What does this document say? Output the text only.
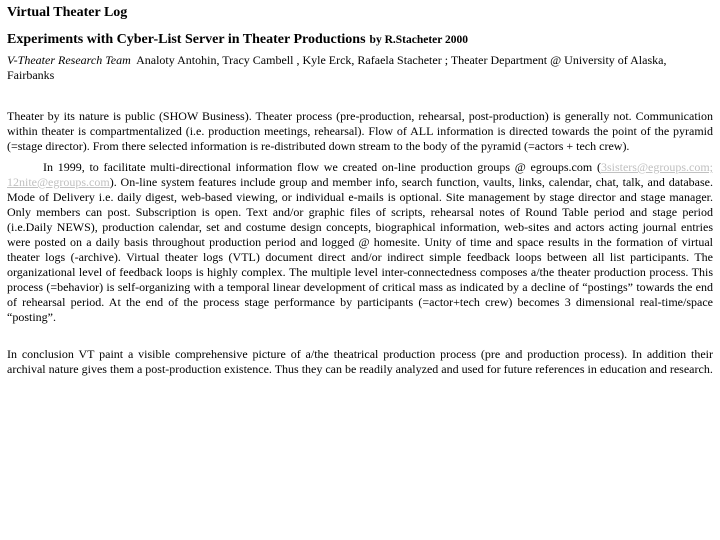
Virtual Theater Log
Experiments with Cyber-List Server in Theater Productions by R.Stacheter 2000
V-Theater Research Team Analoty Antohin, Tracy Cambell , Kyle Erck, Rafaela Stacheter ; Theater Department @ University of Alaska, Fairbanks

Theater by its nature is public (SHOW Business). Theater process (pre-production, rehearsal, post-production) is generally not. Communication within theater is compartmentalized (i.e. production meetings, rehearsal). Flow of ALL information is directed towards the point of the pyramid (=stage director). From there selected information is re-distributed down stream to the body of the pyramid (=actors + tech crew).

In 1999, to facilitate multi-directional information flow we created on-line production groups @ egroups.com (3sisters@egroups.com; 12nite@egroups.com). On-line system features include group and member info, search function, vaults, links, calendar, chat, talk, and database. Mode of Delivery i.e. daily digest, web-based viewing, or individual e-mails is optional. Site management by stage director and stage manager. Only members can post. Subscription is open. Text and/or graphic files of scripts, rehearsal notes of Round Table period and stage period (i.e.Daily NEWS), production calendar, set and costume design concepts, biographical information, web-sites and actors acting journal entries were posted on a daily basis throughout production period and logged @ homesite. Unity of time and space results in the formation of virtual theater logs (-archive). Virtual theater logs (VTL) document direct and/or indirect simple feedback loops between all list participants. The organizational level of feedback loops is highly complex. The multiple level inter-connectedness composes a/the theater production process. This process (=behavior) is self-organizing with a temporal linear development of critical mass as indicated by a decline of “postings” towards the end of rehearsal period. At the end of the process stage performance by participants (=actor+tech crew) becomes 3 dimensional real-time/space “posting”.

In conclusion VT paint a visible comprehensive picture of a/the theatrical production process (pre and production process). In addition their archival nature gives them a post-production existence. Thus they can be readily analyzed and used for future references in education and research.
